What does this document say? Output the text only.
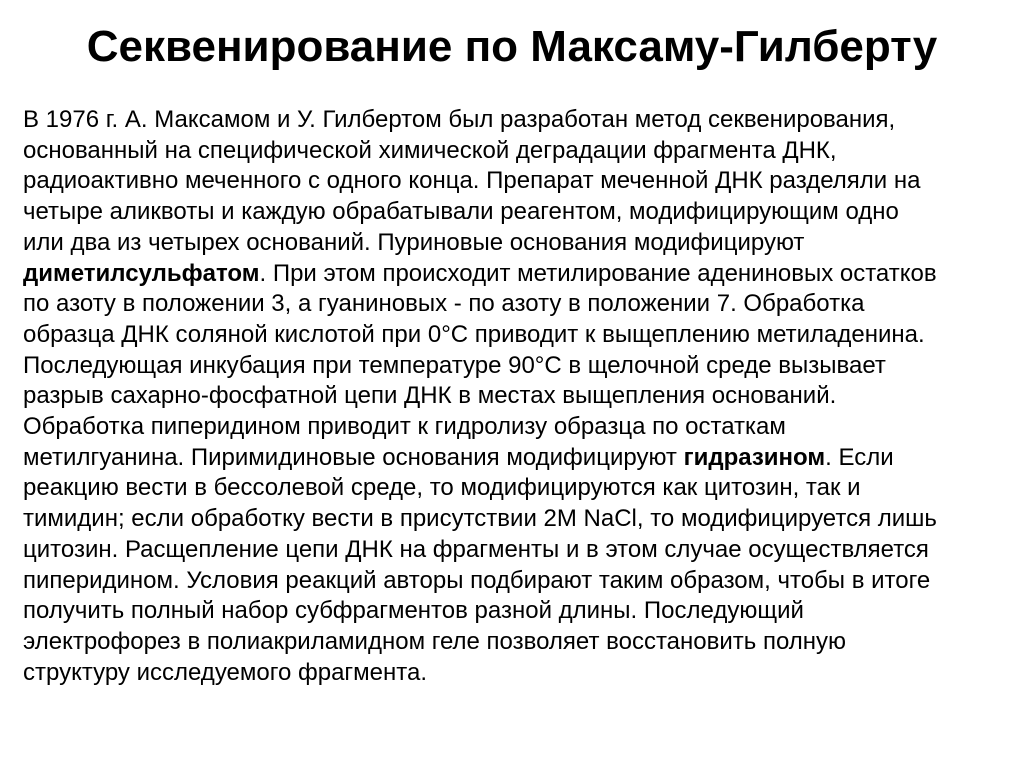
Секвенирование по Максаму-Гилберту
В 1976 г. А. Максамом и У. Гилбертом был разработан метод секвенирования,
основанный на специфической химической деградации фрагмента ДНК,
радиоактивно меченного с одного конца. Препарат меченной ДНК разделяли на
четыре аликвоты и каждую обрабатывали реагентом, модифицирующим одно
или два из четырех оснований. Пуриновые основания модифицируют
диметилсульфатом. При этом происходит метилирование адениновых остатков
по азоту в положении 3, а гуаниновых - по азоту в положении 7. Обработка
образца ДНК соляной кислотой при 0°С приводит к выщеплению метиладенина.
Последующая инкубация при температуре 90°С в щелочной среде вызывает
разрыв сахарно-фосфатной цепи ДНК в местах выщепления оснований.
Обработка пиперидином приводит к гидролизу образца по остаткам
метилгуанина. Пиримидиновые основания модифицируют гидразином. Если
реакцию вести в бессолевой среде, то модифицируются как цитозин, так и
тимидин; если обработку вести в присутствии 2М NaCl, то модифицируется лишь
цитозин. Расщепление цепи ДНК на фрагменты и в этом случае осуществляется
пиперидином. Условия реакций авторы подбирают таким образом, чтобы в итоге
получить полный набор субфрагментов разной длины. Последующий
электрофорез в полиакриламидном геле позволяет восстановить полную
структуру исследуемого фрагмента.
